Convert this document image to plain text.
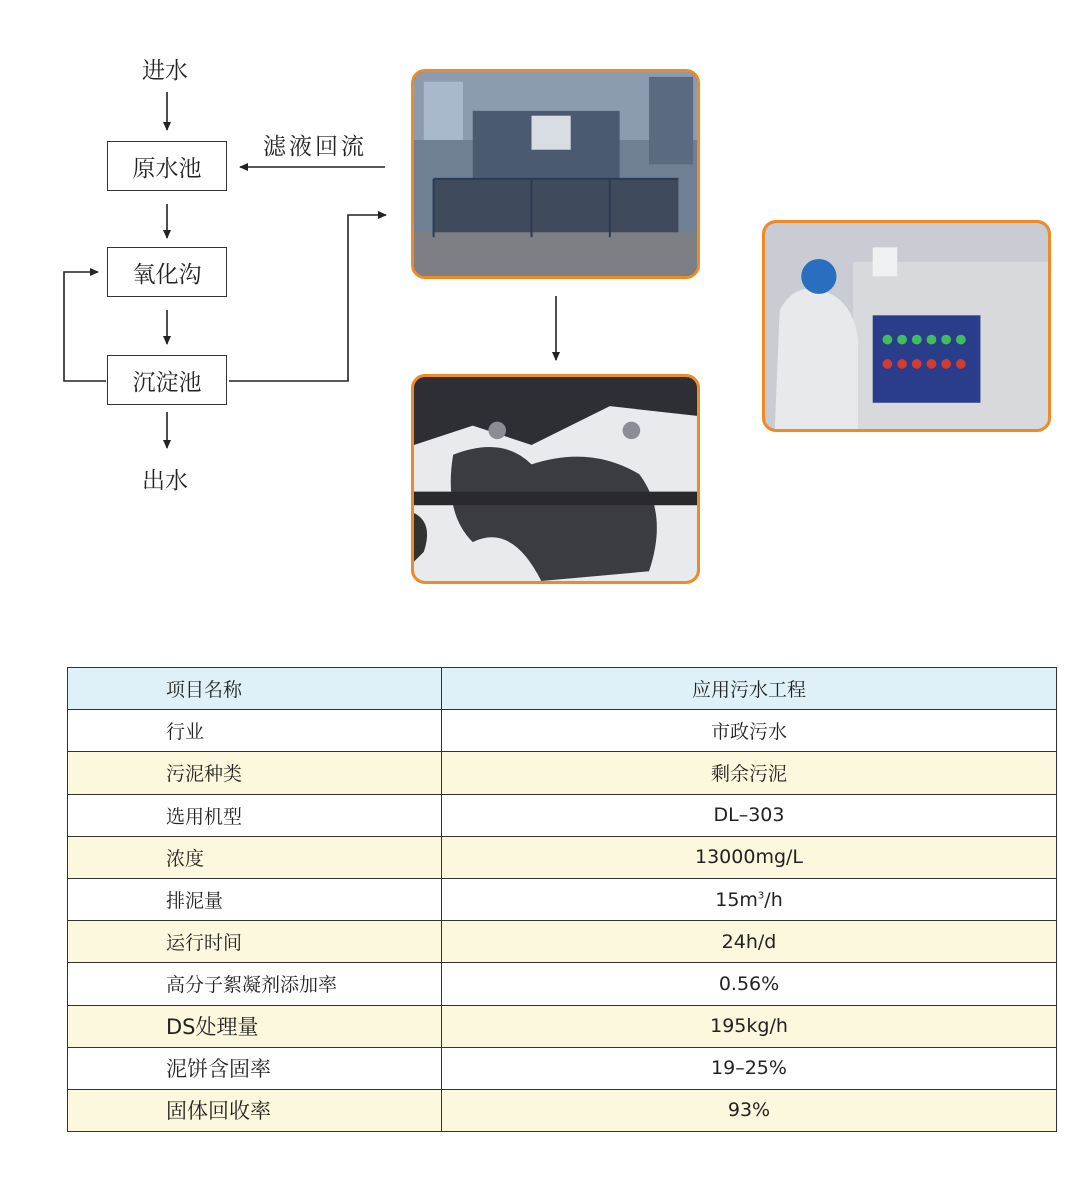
进水
原水池
氧化沟
沉淀池
出水
滤液回流
项目名称	应用污水工程
行业	市政污水
污泥种类	剩余污泥
选用机型	DL–303
浓度	13000mg/L
排泥量	$15m^3/h$
运行时间	24h/d
高分子絮凝剂添加率	0.56%
DS处理量	195kg/h
泥饼含固率	19–25%
固体回收率	93%
